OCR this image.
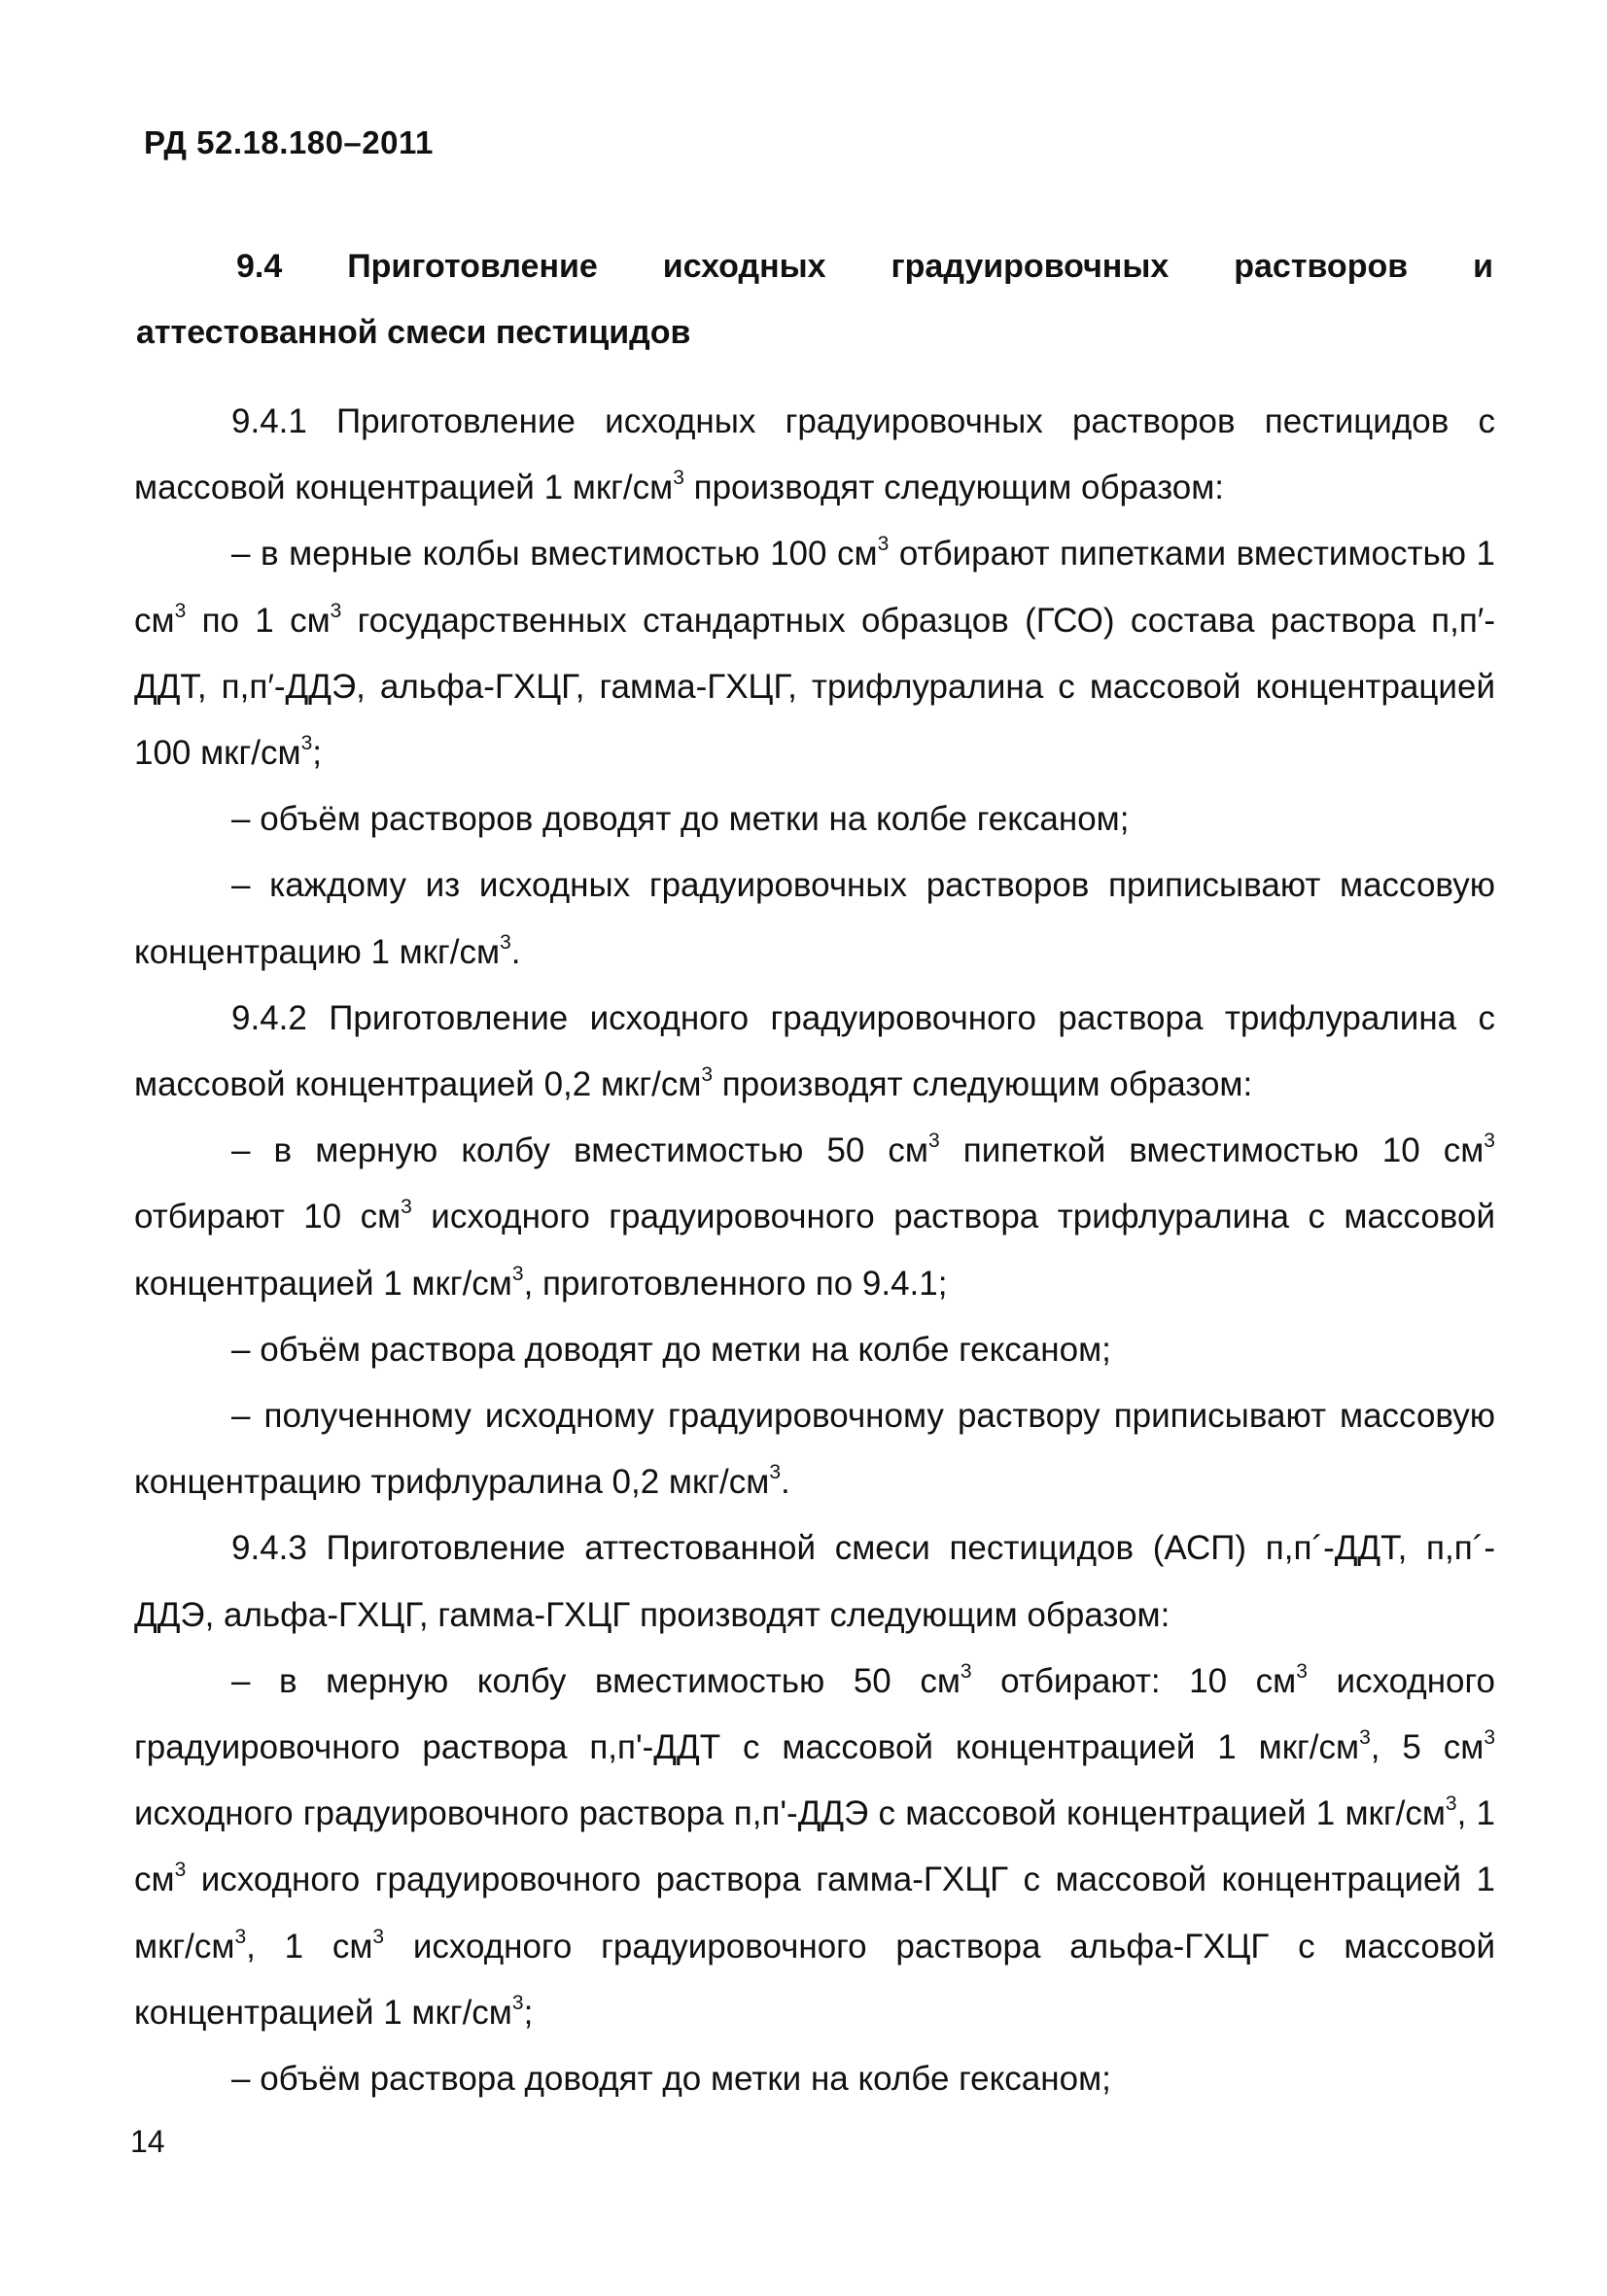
РД 52.18.180–2011
9.4 Приготовление исходных градуировочных растворов и
аттестованной смеси пестицидов

9.4.1 Приготовление исходных градуировочных растворов пестицидов с массовой концентрацией 1 мкг/$см^3$ производят следующим образом:

– в мерные колбы вместимостью 100 $см^3$ отбирают пипетками вместимостью 1 $см^3$ по 1 $см^3$ государственных стандартных образцов (ГСО) состава раствора п,п′-ДДТ, п,п′-ДДЭ, альфа-ГХЦГ, гамма-ГХЦГ, трифлуралина с массовой концентрацией 100 мкг/$см^3$;

– объём растворов доводят до метки на колбе гексаном;

– каждому из исходных градуировочных растворов приписывают массовую концентрацию 1 мкг/$см^3$.

9.4.2 Приготовление исходного градуировочного раствора трифлуралина с массовой концентрацией 0,2 мкг/$см^3$ производят следующим образом:

– в мерную колбу вместимостью 50 $см^3$ пипеткой вместимостью 10 $см^3$ отбирают 10 $см^3$ исходного градуировочного раствора трифлуралина с массовой концентрацией 1 мкг/$см^3$, приготовленного по 9.4.1;

– объём раствора доводят до метки на колбе гексаном;

– полученному исходному градуировочному раствору приписывают массовую концентрацию трифлуралина 0,2 мкг/$см^3$.

9.4.3 Приготовление аттестованной смеси пестицидов (АСП) п,п´-ДДТ, п,п´-ДДЭ, альфа-ГХЦГ, гамма-ГХЦГ производят следующим образом:

– в мерную колбу вместимостью 50 $см^3$ отбирают: 10 $см^3$ исходного градуировочного раствора п,п'-ДДТ с массовой концентрацией 1 мкг/$см^3$, 5 $см^3$ исходного градуировочного раствора п,п'-ДДЭ с массовой концентрацией 1 мкг/$см^3$, 1 $см^3$ исходного градуировочного раствора гамма-ГХЦГ с массовой концентрацией 1 мкг/$см^3$, 1 $см^3$ исходного градуировочного раствора альфа-ГХЦГ с массовой концентрацией 1 мкг/$см^3$;

– объём раствора доводят до метки на колбе гексаном;

14
